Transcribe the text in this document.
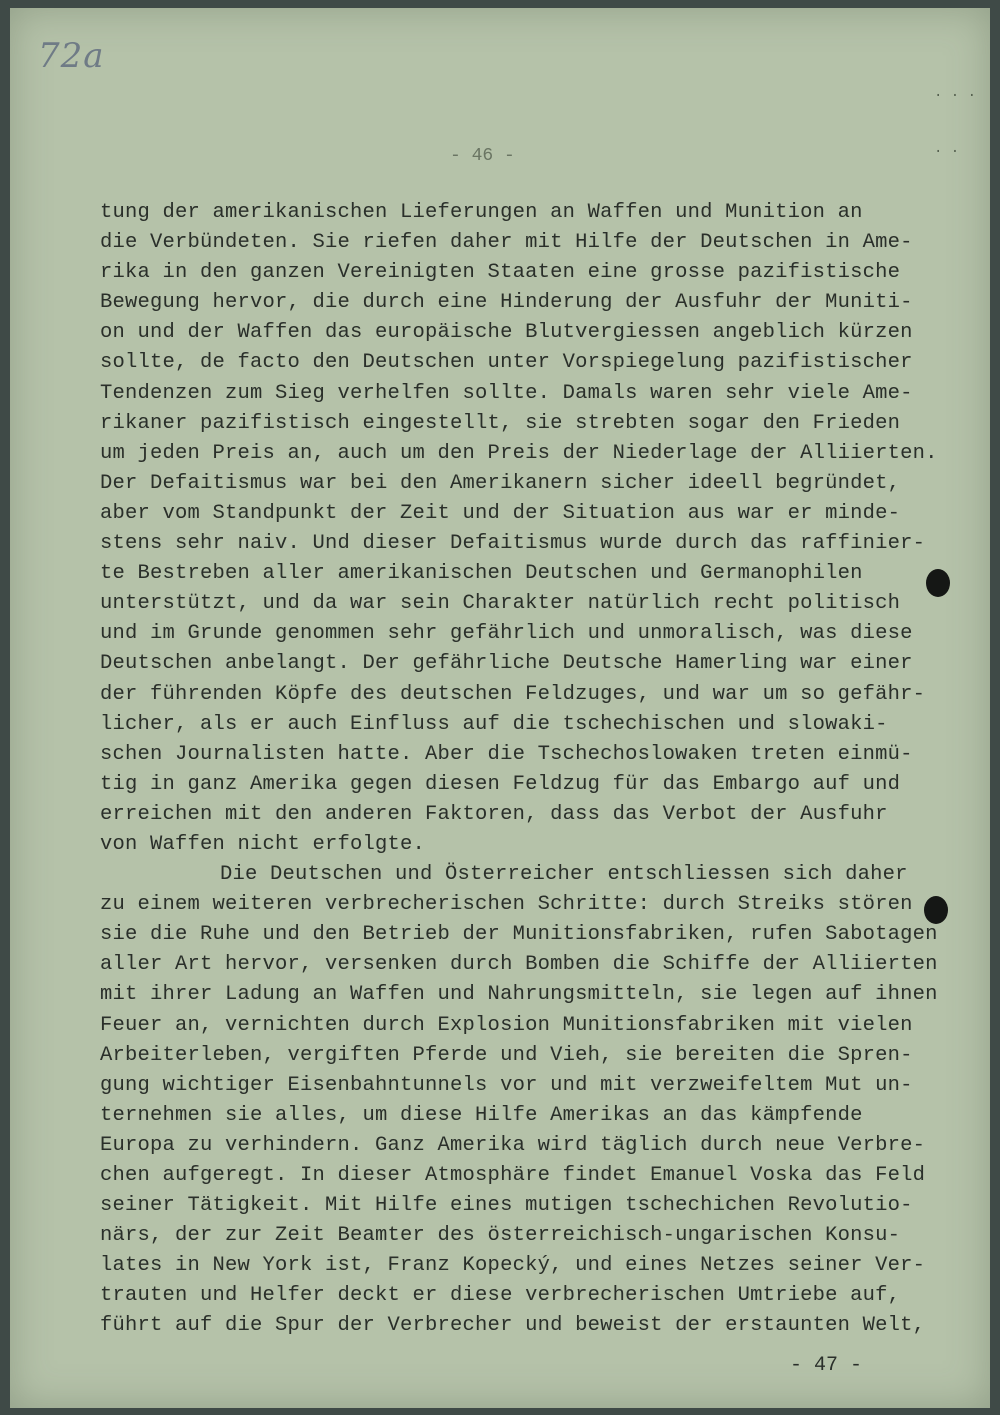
72a
- 46 -
· · ·
· ·
tung der amerikanischen Lieferungen an Waffen und Munition an
die Verbündeten. Sie riefen daher mit Hilfe der Deutschen in Ame-
rika in den ganzen Vereinigten Staaten eine grosse pazifistische
Bewegung hervor, die durch eine Hinderung der Ausfuhr der Muniti-
on und der Waffen das europäische Blutvergiessen angeblich kürzen
sollte, de facto den Deutschen unter Vorspiegelung pazifistischer
Tendenzen zum Sieg verhelfen sollte. Damals waren sehr viele Ame-
rikaner pazifistisch eingestellt, sie strebten sogar den Frieden
um jeden Preis an, auch um den Preis der Niederlage der Alliierten.
Der Defaitismus war bei den Amerikanern sicher ideell begründet,
aber vom Standpunkt der Zeit und der Situation aus war er minde-
stens sehr naiv. Und dieser Defaitismus wurde durch das raffinier-
te Bestreben aller amerikanischen Deutschen und Germanophilen
unterstützt, und da war sein Charakter natürlich recht politisch
und im Grunde genommen sehr gefährlich und unmoralisch, was diese
Deutschen anbelangt. Der gefährliche Deutsche Hamerling war einer
der führenden Köpfe des deutschen Feldzuges, und war um so gefähr-
licher, als er auch Einfluss auf die tschechischen und slowaki-
schen Journalisten hatte. Aber die Tschechoslowaken treten einmü-
tig in ganz Amerika gegen diesen Feldzug für das Embargo auf und
erreichen mit den anderen Faktoren, dass das Verbot der Ausfuhr
von Waffen nicht erfolgte.
Die Deutschen und Österreicher entschliessen sich daher
zu einem weiteren verbrecherischen Schritte: durch Streiks stören
sie die Ruhe und den Betrieb der Munitionsfabriken, rufen Sabotagen
aller Art hervor, versenken durch Bomben die Schiffe der Alliierten
mit ihrer Ladung an Waffen und Nahrungsmitteln, sie legen auf ihnen
Feuer an, vernichten durch Explosion Munitionsfabriken mit vielen
Arbeiterleben, vergiften Pferde und Vieh, sie bereiten die Spren-
gung wichtiger Eisenbahntunnels vor und mit verzweifeltem Mut un-
ternehmen sie alles, um diese Hilfe Amerikas an das kämpfende
Europa zu verhindern. Ganz Amerika wird täglich durch neue Verbre-
chen aufgeregt. In dieser Atmosphäre findet Emanuel Voska das Feld
seiner Tätigkeit. Mit Hilfe eines mutigen tschechichen Revolutio-
närs, der zur Zeit Beamter des österreichisch-ungarischen Konsu-
lates in New York ist, Franz Kopecký, und eines Netzes seiner Ver-
trauten und Helfer deckt er diese verbrecherischen Umtriebe auf,
führt auf die Spur der Verbrecher und beweist der erstaunten Welt,
- 47 -
